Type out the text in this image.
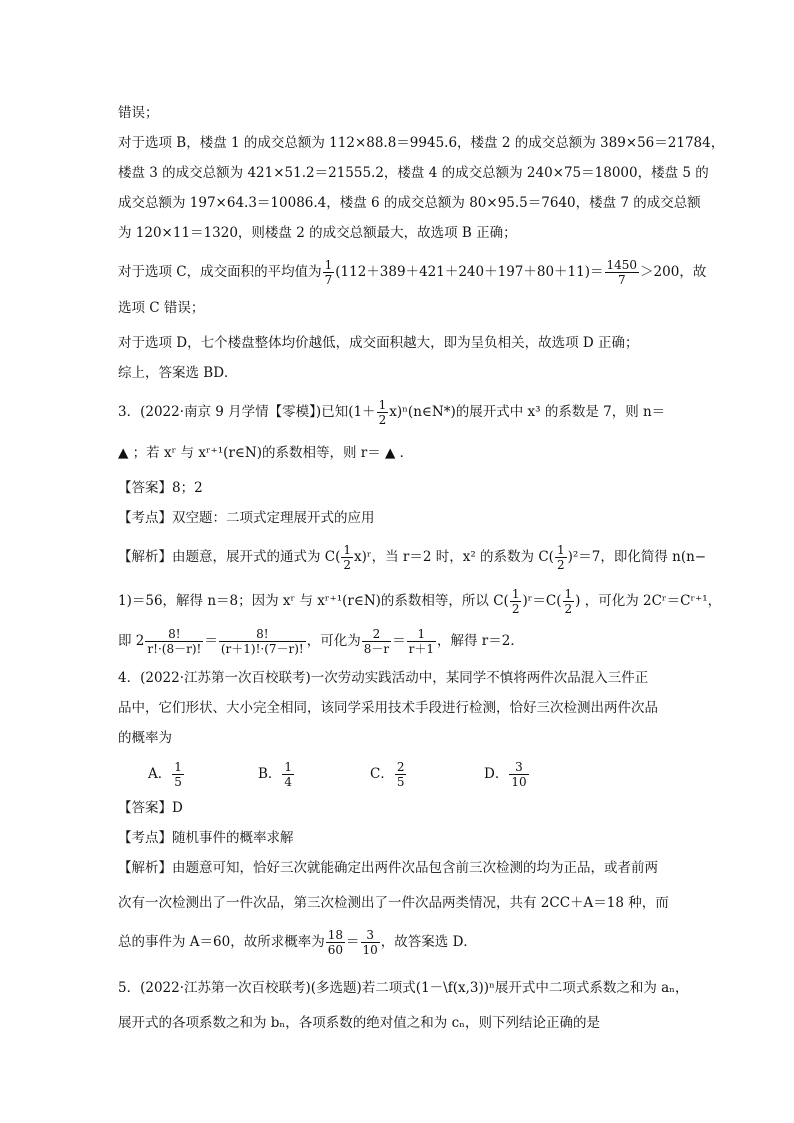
错误；
对于选项 B，楼盘 1 的成交总额为 112×88.8＝9945.6，楼盘 2 的成交总额为 389×56＝21784，
楼盘 3 的成交总额为 421×51.2＝21555.2，楼盘 4 的成交总额为 240×75＝18000，楼盘 5 的
成交总额为 197×64.3＝10086.4，楼盘 6 的成交总额为 80×95.5＝7640，楼盘 7 的成交总额
为 120×11＝1320，则楼盘 2 的成交总额最大，故选项 B 正确；
对于选项 C，成交面积的平均值为 $\frac{1}{7} (112+389+421+240+197+80+11)= \frac{1450}{7} >200$，故
选项 C 错误；
对于选项 D，七个楼盘整体均价越低，成交面积越大，即为呈负相关，故选项 D 正确；
综上，答案选 BD．
3．(2022·南京 9 月学情【零模】)已知($1+ \frac{1}{2}$ x)ⁿ(n∈N*)的展开式中 x³ 的系数是 7，则 n＝
▲ ；若 xʳ 与 xʳ⁺¹(r∈N)的系数相等，则 r＝ ▲ ．
【答案】8；2
【考点】双空题：二项式定理展开式的应用
【解析】由题意，展开式的通式为 $C( \frac{1}{2}$ x)ʳ，当 r＝2 时，x² 的系数为 $C( \frac{1}{2} )^2=7$，即化简得 n(n−
1)＝56，解得 n＝8；因为 xʳ 与 xʳ⁺¹(r∈N)的系数相等，所以 $C( \frac{1}{2}$ )ʳ＝C( $\frac{1}{2}$ ) ，可化为 2Cʳ＝Cʳ⁺¹，
即 $2 \frac{8!}{r!\cdot(8-r)!} = \frac{8!}{(r+1)!\cdot(7-r)!}$ ，可化为 $\frac{2}{8-r} = \frac{1}{r+1}$ ，解得 r＝2．
4．(2022·江苏第一次百校联考)一次劳动实践活动中，某同学不慎将两件次品混入三件正
品中，它们形状、大小完全相同，该同学采用技术手段进行检测，恰好三次检测出两件次品
的概率为
A． $\frac{1}{5}$	B． $\frac{1}{4}$	C． $\frac{2}{5}$	D． $\frac{3}{10}$
【答案】D
【考点】随机事件的概率求解
【解析】由题意可知，恰好三次就能确定出两件次品包含前三次检测的均为正品，或者前两
次有一次检测出了一件次品，第三次检测出了一件次品两类情况，共有 2CC＋A＝18 种，而
总的事件为 A＝60，故所求概率为 $\frac{18}{60} = \frac{3}{10}$ ，故答案选 D．
5．(2022·江苏第一次百校联考)(多选题)若二项式(1－\f(x,3))ⁿ展开式中二项式系数之和为 aₙ，
展开式的各项系数之和为 bₙ，各项系数的绝对值之和为 cₙ，则下列结论正确的是
